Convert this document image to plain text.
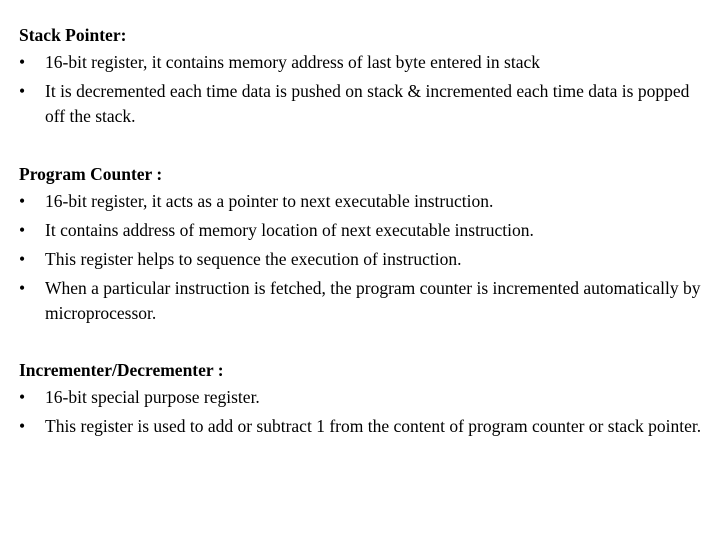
Stack Pointer:
•	16-bit register, it contains memory address of last byte entered in stack
•	It is decremented each time data is pushed on stack & incremented each time data is popped off the stack.
Program Counter :
•	16-bit register, it acts as a pointer to next executable instruction.
•	It contains address of memory location of next executable instruction.
•	This register helps to sequence the execution of instruction.
•	When a particular instruction is fetched, the program counter is incremented automatically by microprocessor.
Incrementer/Decrementer :
•	16-bit special purpose register.
•	This register is used to add or subtract 1 from the content of program counter or stack pointer.
